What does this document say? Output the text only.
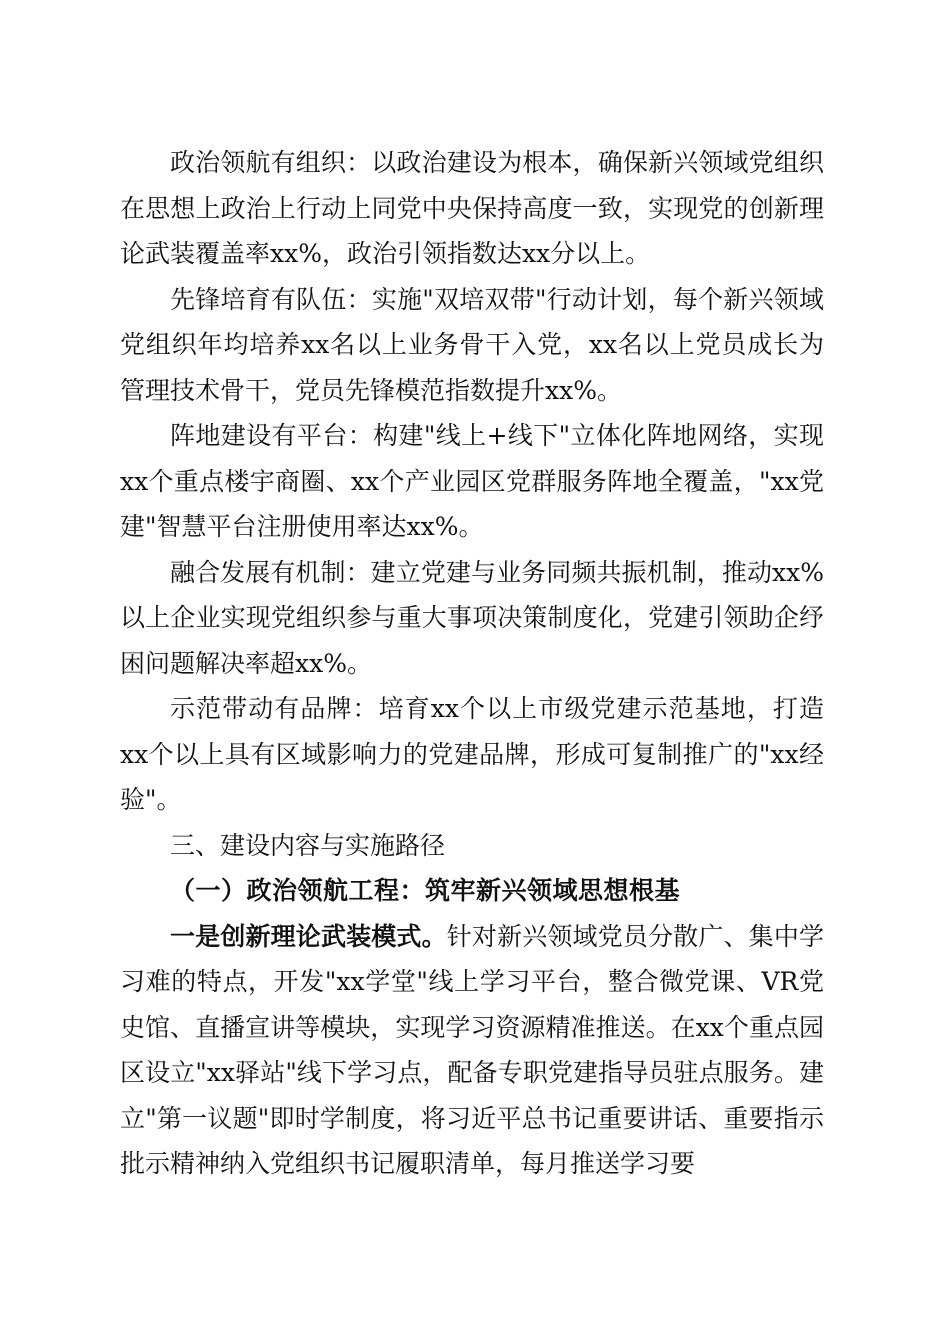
政治领航有组织：以政治建设为根本，确保新兴领域党组织在思想上政治上行动上同党中央保持高度一致，实现党的创新理论武装覆盖率xx%，政治引领指数达xx分以上。

先锋培育有队伍：实施"双培双带"行动计划，每个新兴领域党组织年均培养xx名以上业务骨干入党，xx名以上党员成长为管理技术骨干，党员先锋模范指数提升xx%。

阵地建设有平台：构建"线上+线下"立体化阵地网络，实现xx个重点楼宇商圈、xx个产业园区党群服务阵地全覆盖，"xx党建"智慧平台注册使用率达xx%。

融合发展有机制：建立党建与业务同频共振机制，推动xx%以上企业实现党组织参与重大事项决策制度化，党建引领助企纾困问题解决率超xx%。

示范带动有品牌：培育xx个以上市级党建示范基地，打造xx个以上具有区域影响力的党建品牌，形成可复制推广的"xx经验"。

三、建设内容与实施路径

（一）政治领航工程：筑牢新兴领域思想根基

一是创新理论武装模式。针对新兴领域党员分散广、集中学习难的特点，开发"xx学堂"线上学习平台，整合微党课、VR党史馆、直播宣讲等模块，实现学习资源精准推送。在xx个重点园区设立"xx驿站"线下学习点，配备专职党建指导员驻点服务。建立"第一议题"即时学制度，将习近平总书记重要讲话、重要指示批示精神纳入党组织书记履职清单，每月推送学习要
